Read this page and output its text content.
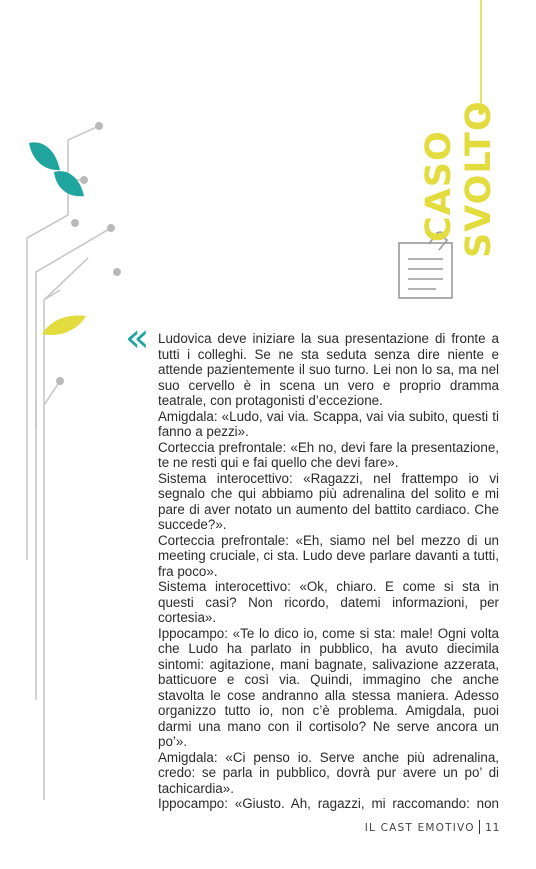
CASO SVOLTO
« Ludovica deve iniziare la sua presentazione di fronte a tutti i colleghi. Se ne sta seduta senza dire niente e attende pazientemente il suo turno. Lei non lo sa, ma nel suo cervello è in scena un vero e proprio dramma teatrale, con protagonisti d’eccezione.

Amigdala: «Ludo, vai via. Scappa, vai via subito, questi ti fanno a pezzi».

Corteccia prefrontale: «Eh no, devi fare la presentazione, te ne resti qui e fai quello che devi fare».

Sistema interocettivo: «Ragazzi, nel frattempo io vi segnalo che qui abbiamo più adrenalina del solito e mi pare di aver notato un aumento del battito cardiaco. Che succede?».

Corteccia prefrontale: «Eh, siamo nel bel mezzo di un meeting cruciale, ci sta. Ludo deve parlare davanti a tutti, fra poco».

Sistema interocettivo: «Ok, chiaro. E come si sta in questi casi? Non ricordo, datemi informazioni, per cortesia».

Ippocampo: «Te lo dico io, come si sta: male! Ogni volta che Ludo ha parlato in pubblico, ha avuto diecimila sintomi: agitazione, mani bagnate, salivazione azzerata, batticuore e così via. Quindi, immagino che anche stavolta le cose andranno alla stessa maniera. Adesso organizzo tutto io, non c’è problema. Amigdala, puoi darmi una mano con il cortisolo? Ne serve ancora un po’».

Amigdala: «Ci penso io. Serve anche più adrenalina, credo: se parla in pubblico, dovrà pur avere un po’ di tachicardia».

Ippocampo: «Giusto. Ah, ragazzi, mi raccomando: non

IL CAST EMOTIVO 11
